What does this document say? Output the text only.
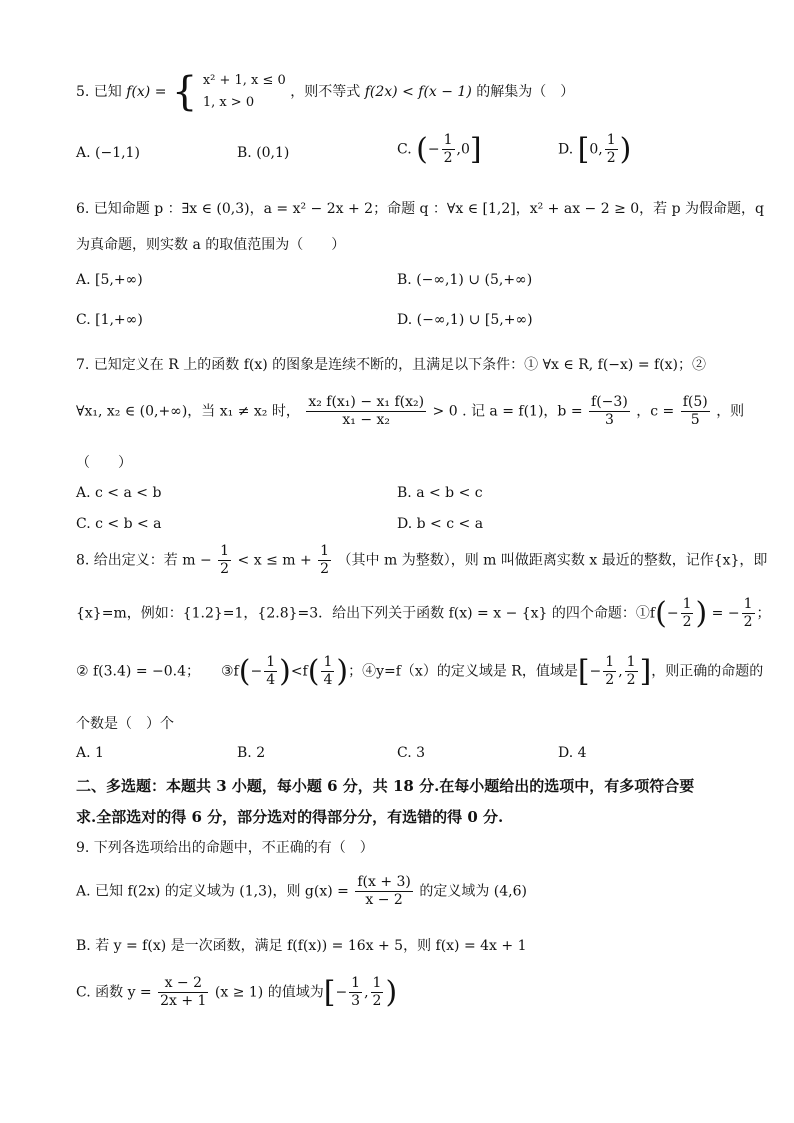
5. 已知 f(x) = { x² + 1, x ≤ 0
1, x > 0
，则不等式 f(2x) < f(x − 1) 的解集为（　）
A. (−1,1)	B. (0,1)	C. (− $\frac{1}{2} ,0$]	D. [0, $\frac{1}{2}$ )
6. 已知命题 p ：∃x ∈ (0,3)，a = x² − 2x + 2；命题 q ：∀x ∈ [1,2]，x² + ax − 2 ≥ 0，若 p 为假命题，q
为真命题，则实数 a 的取值范围为（　　）
A. [5,+∞)	B. (−∞,1) ∪ (5,+∞)
C. [1,+∞)	D. (−∞,1) ∪ [5,+∞)
7. 已知定义在 R 上的函数 f(x) 的图象是连续不断的，且满足以下条件：① ∀x ∈ R, f(−x) = f(x)；②
∀x₁, x₂ ∈ (0,+∞)，当 x₁ ≠ x₂ 时， $\frac{\text{x₂ f(x₁) − x₁ f(x₂)}}{\text{x₁ − x₂}} > 0$ . 记 a = f(1)，$b = \frac{f(-3)}{3}$ ，$c = \frac{f(5)}{5}$ ，则
（　　）
A. c < a < b	B. a < b < c
C. c < b < a	D. b < c < a
8. 给出定义：若 $m - \frac{1}{2} < x \le m + \frac{1}{2}$ （其中 m 为整数），则 m 叫做距离实数 x 最近的整数，记作{x}，即
{x}=m，例如：{1.2}=1，{2.8}=3．给出下列关于函数 f(x) = x − {x} 的四个命题：①f(− $\frac{1}{2}$ ) = − $\frac{1}{2}$ ；
② f(3.4) = −0.4；　　③f(− $\frac{1}{4} )<f( \frac{1}{4}$ )；④y=f（x）的定义域是 R，值域是[− $\frac{1}{2}$ , $\frac{1}{2}$ ]，则正确的命题的
个数是（　）个
A. 1	B. 2	C. 3	D. 4
二、多选题：本题共 3 小题，每小题 6 分，共 18 分.在每小题给出的选项中，有多项符合要
求.全部选对的得 6 分，部分选对的得部分分，有选错的得 0 分.
9. 下列各选项给出的命题中，不正确的有（　）
A. 已知 f(2x) 的定义域为 (1,3)，则 $g(x) = \frac{f(x + 3)}{x - 2}$ 的定义域为 (4,6)
B. 若 y = f(x) 是一次函数，满足 f(f(x)) = 16x + 5，则 f(x) = 4x + 1
C. 函数 $y = \frac{x - 2}{2x + 1} (x \ge 1)$ 的值域为[− $\frac{1}{3}$ , $\frac{1}{2}$ )
